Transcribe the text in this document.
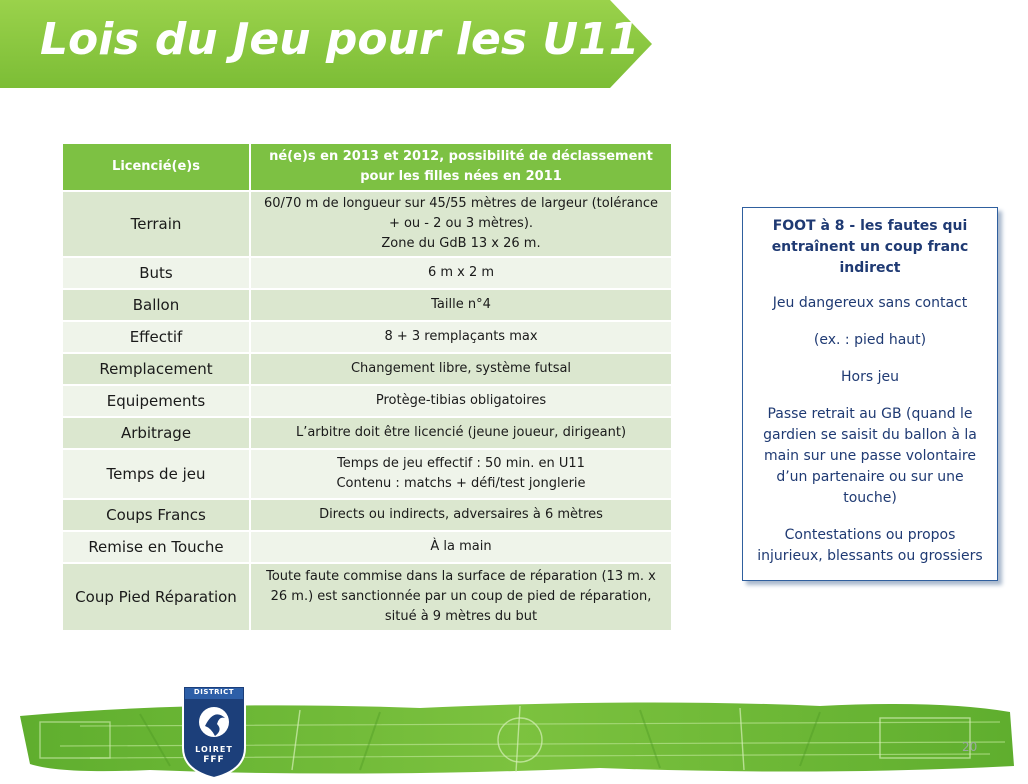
Lois du Jeu pour les U11
Licencié(e)s	né(e)s en 2013 et 2012, possibilité de déclassement pour les filles nées en 2011
Terrain	60/70 m de longueur sur 45/55 mètres de largeur (tolérance + ou - 2 ou 3 mètres).
Zone du GdB 13 x 26 m.
Buts	6 m x 2 m
Ballon	Taille n°4
Effectif	8 + 3 remplaçants max
Remplacement	Changement libre, système futsal
Equipements	Protège-tibias obligatoires
Arbitrage	L’arbitre doit être licencié (jeune joueur, dirigeant)
Temps de jeu	Temps de jeu effectif : 50 min. en U11
Contenu : matchs + défi/test jonglerie
Coups Francs	Directs ou indirects, adversaires à 6 mètres
Remise en Touche	À la main
Coup Pied Réparation	Toute faute commise dans la surface de réparation (13 m. x 26 m.) est sanctionnée par un coup de pied de réparation, situé à 9 mètres du but
FOOT à 8 - les fautes qui entraînent un coup franc indirect
Jeu dangereux sans contact
(ex. : pied haut)
Hors jeu
Passe retrait au GB (quand le gardien se saisit du ballon à la main sur une passe volontaire d’un partenaire ou sur une touche)
Contestations ou propos injurieux, blessants ou grossiers
DISTRICT
LOIRET
FFF
20
